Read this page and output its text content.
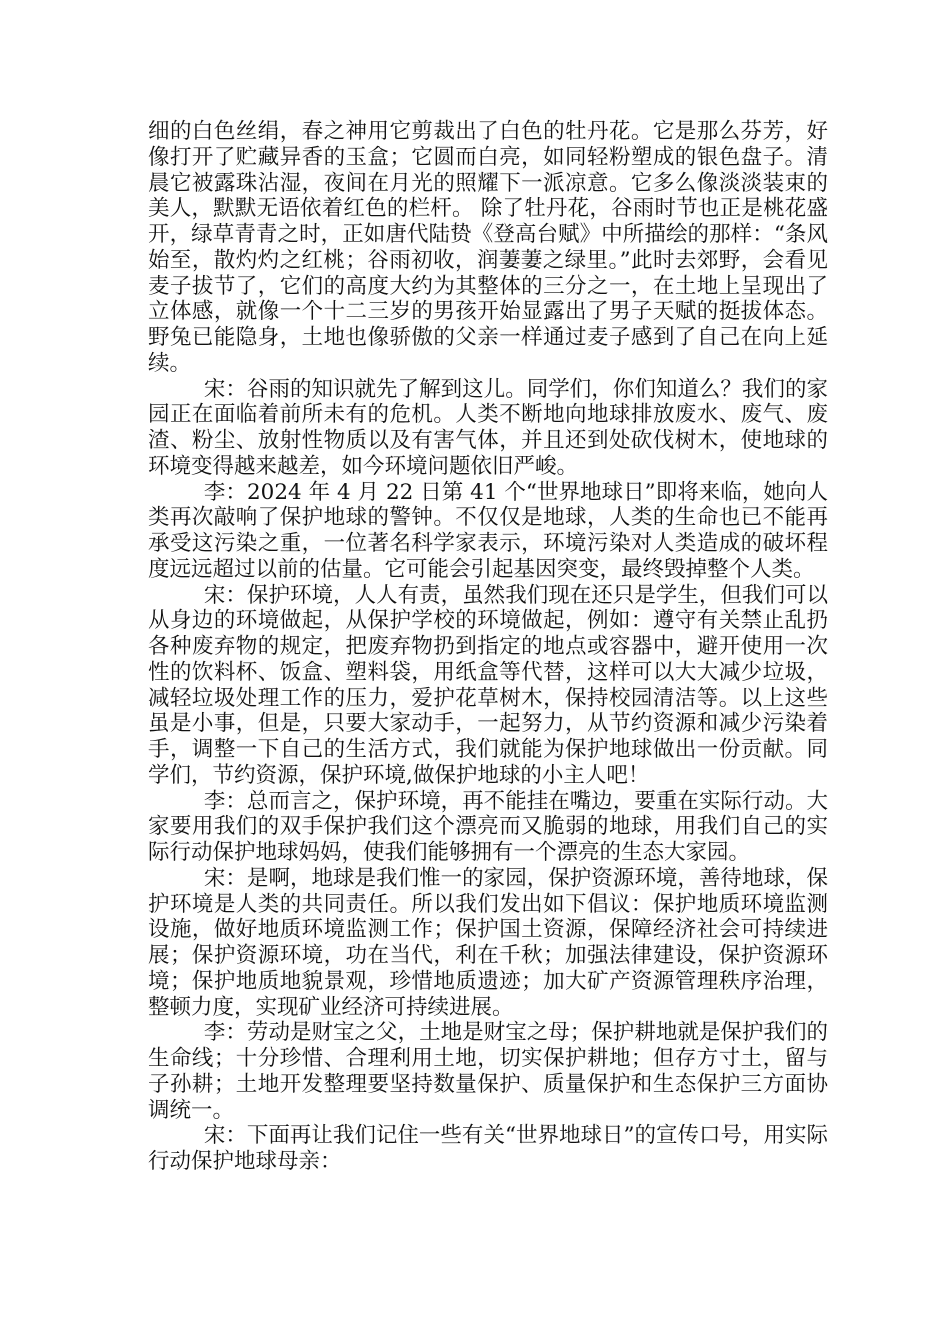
细的白色丝绢，春之神用它剪裁出了白色的牡丹花。它是那么芬芳，好像打开了贮藏异香的玉盒；它圆而白亮，如同轻粉塑成的银色盘子。清晨它被露珠沾湿，夜间在月光的照耀下一派凉意。它多么像淡淡装束的美人，默默无语依着红色的栏杆。 除了牡丹花，谷雨时节也正是桃花盛开，绿草青青之时，正如唐代陆贽《登高台赋》中所描绘的那样：“条风始至，散灼灼之红桃；谷雨初收，润萋萋之绿里。”此时去郊野，会看见麦子拔节了，它们的高度大约为其整体的三分之一，在土地上呈现出了立体感，就像一个十二三岁的男孩开始显露出了男子天赋的挺拔体态。野兔已能隐身，土地也像骄傲的父亲一样通过麦子感到了自己在向上延续。

宋：谷雨的知识就先了解到这儿。同学们，你们知道么？我们的家园正在面临着前所未有的危机。人类不断地向地球排放废水、废气、废渣、粉尘、放射性物质以及有害气体，并且还到处砍伐树木，使地球的环境变得越来越差，如今环境问题依旧严峻。

李：2024 年 4 月 22 日第 41 个“世界地球日”即将来临，她向人类再次敲响了保护地球的警钟。不仅仅是地球，人类的生命也已不能再承受这污染之重，一位著名科学家表示，环境污染对人类造成的破坏程度远远超过以前的估量。它可能会引起基因突变，最终毁掉整个人类。

宋：保护环境，人人有责，虽然我们现在还只是学生，但我们可以从身边的环境做起，从保护学校的环境做起，例如：遵守有关禁止乱扔各种废弃物的规定，把废弃物扔到指定的地点或容器中，避开使用一次性的饮料杯、饭盒、塑料袋，用纸盒等代替，这样可以大大减少垃圾，减轻垃圾处理工作的压力，爱护花草树木，保持校园清洁等。以上这些虽是小事，但是，只要大家动手，一起努力，从节约资源和减少污染着手，调整一下自己的生活方式，我们就能为保护地球做出一份贡献。同学们，节约资源，保护环境,做保护地球的小主人吧！

李：总而言之，保护环境，再不能挂在嘴边，要重在实际行动。大家要用我们的双手保护我们这个漂亮而又脆弱的地球，用我们自己的实际行动保护地球妈妈，使我们能够拥有一个漂亮的生态大家园。

宋：是啊，地球是我们惟一的家园，保护资源环境，善待地球，保护环境是人类的共同责任。所以我们发出如下倡议：保护地质环境监测设施，做好地质环境监测工作；保护国土资源，保障经济社会可持续进展；保护资源环境，功在当代，利在千秋；加强法律建设，保护资源环境；保护地质地貌景观，珍惜地质遗迹；加大矿产资源管理秩序治理，整顿力度，实现矿业经济可持续进展。

李：劳动是财宝之父，土地是财宝之母；保护耕地就是保护我们的生命线；十分珍惜、合理利用土地，切实保护耕地；但存方寸土，留与子孙耕；土地开发整理要坚持数量保护、质量保护和生态保护三方面协调统一。

宋：下面再让我们记住一些有关“世界地球日”的宣传口号，用实际行动保护地球母亲：
